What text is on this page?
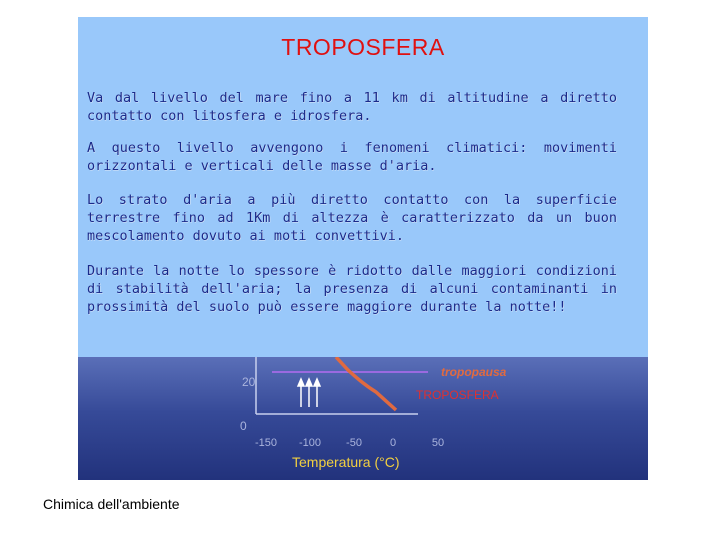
20
0
-150 -100 -50	0	50
Temperatura (°C)
tropopausa
TROPOSFERA
TROPOSFERA
Va dal livello del mare fino a 11 km di altitudine a diretto contatto con litosfera e idrosfera.
A questo livello avvengono i fenomeni climatici: movimenti orizzontali e verticali delle masse d'aria.
Lo strato d'aria a più diretto contatto con la superficie terrestre fino ad 1Km di altezza è caratterizzato da un buon mescolamento dovuto ai moti convettivi.
Durante la notte lo spessore è ridotto dalle maggiori condizioni di stabilità dell'aria; la presenza di alcuni contaminanti in prossimità del suolo può essere maggiore durante la notte!!
Chimica dell'ambiente
